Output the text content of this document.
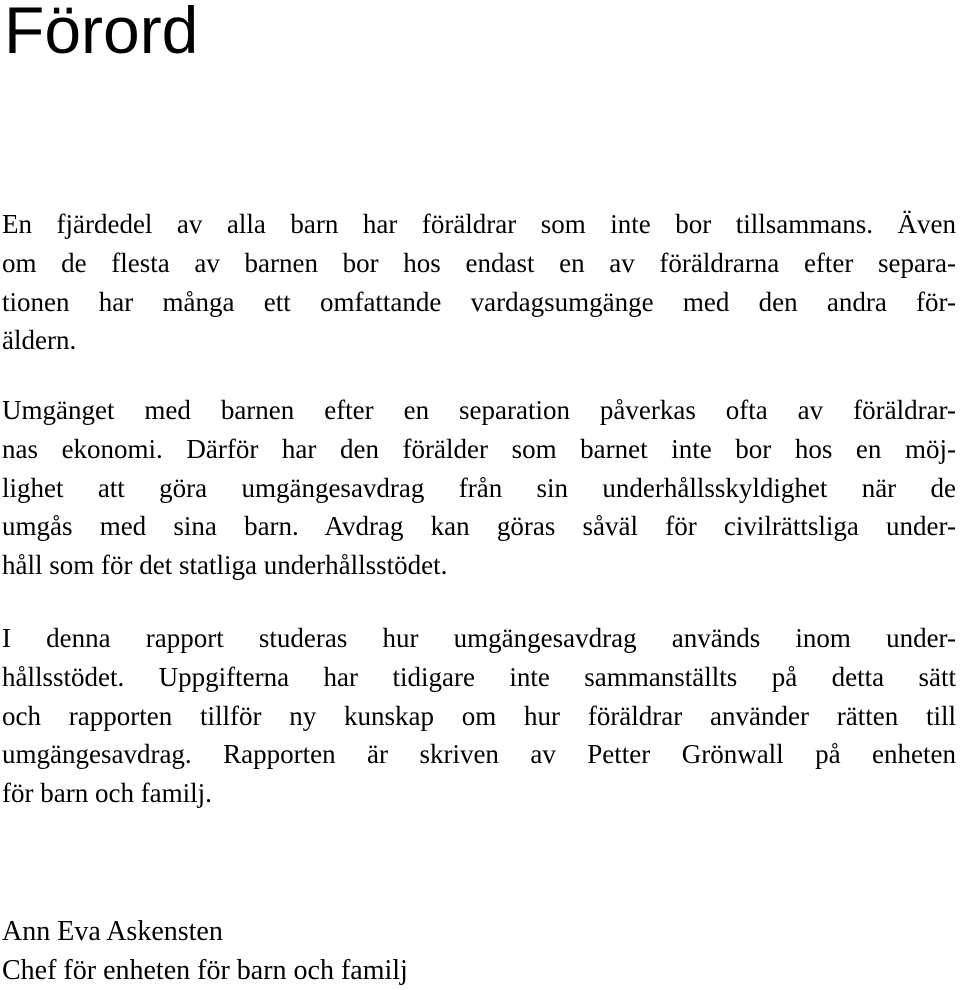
Förord
En fjärdedel av alla barn har föräldrar som inte bor tillsammans. Även
om de flesta av barnen bor hos endast en av föräldrarna efter separa-
tionen har många ett omfattande vardagsumgänge med den andra för-
äldern.
Umgänget med barnen efter en separation påverkas ofta av föräldrar-
nas ekonomi. Därför har den förälder som barnet inte bor hos en möj-
lighet att göra umgängesavdrag från sin underhållsskyldighet när de
umgås med sina barn. Avdrag kan göras såväl för civilrättsliga under-
håll som för det statliga underhållsstödet.
I denna rapport studeras hur umgängesavdrag används inom under-
hållsstödet. Uppgifterna har tidigare inte sammanställts på detta sätt
och rapporten tillför ny kunskap om hur föräldrar använder rätten till
umgängesavdrag. Rapporten är skriven av Petter Grönwall på enheten
för barn och familj.
Ann Eva Askensten
Chef för enheten för barn och familj
